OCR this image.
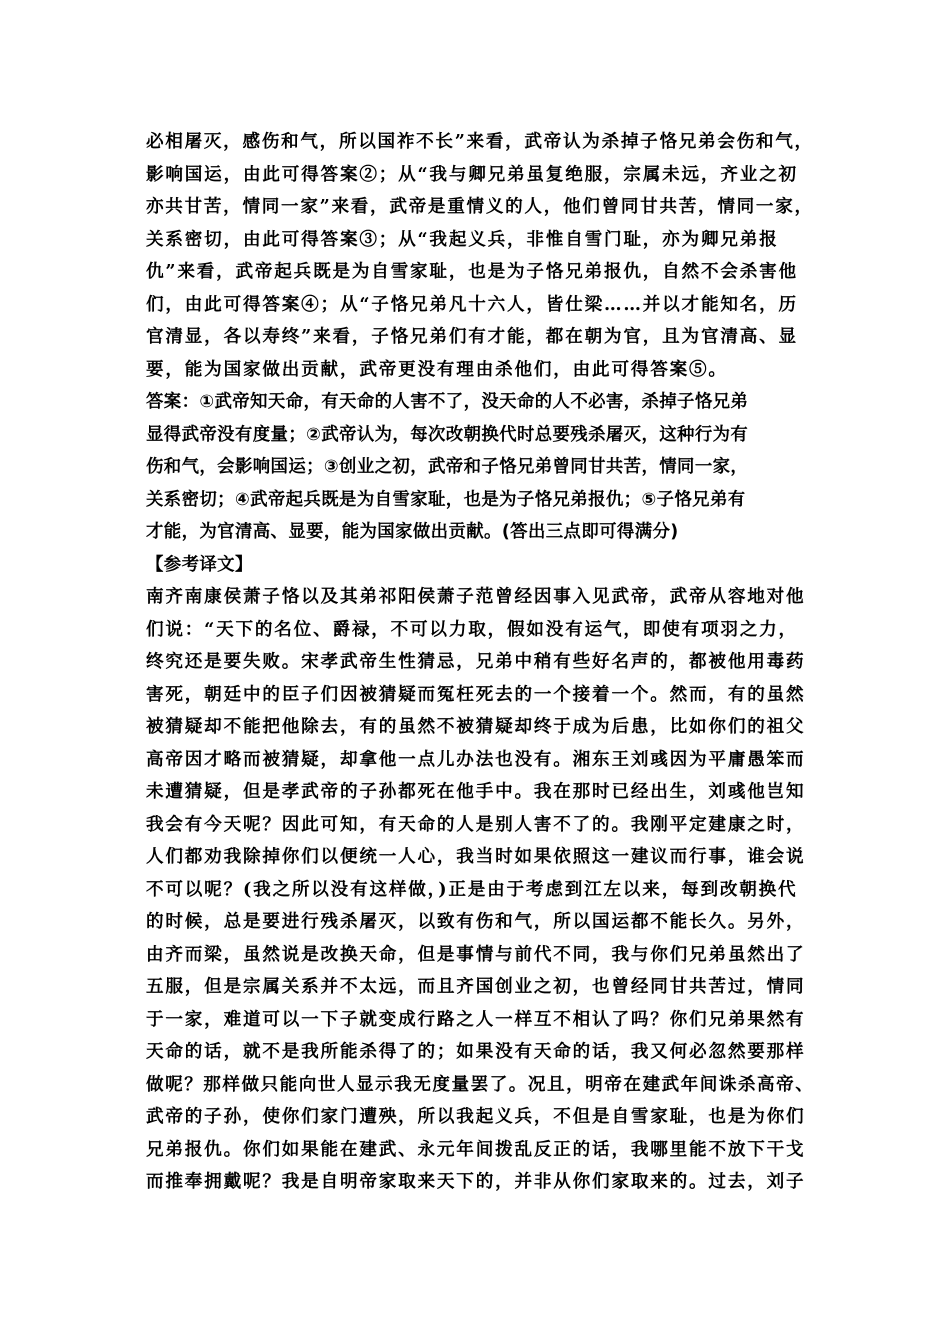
必相屠灭，感伤和气，所以国祚不长”来看，武帝认为杀掉子恪兄弟会伤和气，
影响国运，由此可得答案②；从“我与卿兄弟虽复绝服，宗属未远，齐业之初
亦共甘苦，情同一家”来看，武帝是重情义的人，他们曾同甘共苦，情同一家，
关系密切，由此可得答案③；从“我起义兵，非惟自雪门耻，亦为卿兄弟报
仇”来看，武帝起兵既是为自雪家耻，也是为子恪兄弟报仇，自然不会杀害他
们，由此可得答案④；从“子恪兄弟凡十六人，皆仕梁……并以才能知名，历
官清显，各以寿终”来看，子恪兄弟们有才能，都在朝为官，且为官清高、显
要，能为国家做出贡献，武帝更没有理由杀他们，由此可得答案⑤。
答案：①武帝知天命，有天命的人害不了，没天命的人不必害，杀掉子恪兄弟
显得武帝没有度量；②武帝认为，每次改朝换代时总要残杀屠灭，这种行为有
伤和气，会影响国运；③创业之初，武帝和子恪兄弟曾同甘共苦，情同一家，
关系密切；④武帝起兵既是为自雪家耻，也是为子恪兄弟报仇；⑤子恪兄弟有
才能，为官清高、显要，能为国家做出贡献。(答出三点即可得满分)
【参考译文】
南齐南康侯萧子恪以及其弟祁阳侯萧子范曾经因事入见武帝，武帝从容地对他
们说：“天下的名位、爵禄，不可以力取，假如没有运气，即使有项羽之力，
终究还是要失败。宋孝武帝生性猜忌，兄弟中稍有些好名声的，都被他用毒药
害死，朝廷中的臣子们因被猜疑而冤枉死去的一个接着一个。然而，有的虽然
被猜疑却不能把他除去，有的虽然不被猜疑却终于成为后患，比如你们的祖父
高帝因才略而被猜疑，却拿他一点儿办法也没有。湘东王刘彧因为平庸愚笨而
未遭猜疑，但是孝武帝的子孙都死在他手中。我在那时已经出生，刘彧他岂知
我会有今天呢？因此可知，有天命的人是别人害不了的。我刚平定建康之时，
人们都劝我除掉你们以便统一人心，我当时如果依照这一建议而行事，谁会说
不可以呢？(我之所以没有这样做，)正是由于考虑到江左以来，每到改朝换代
的时候，总是要进行残杀屠灭，以致有伤和气，所以国运都不能长久。另外，
由齐而梁，虽然说是改换天命，但是事情与前代不同，我与你们兄弟虽然出了
五服，但是宗属关系并不太远，而且齐国创业之初，也曾经同甘共苦过，情同
于一家，难道可以一下子就变成行路之人一样互不相认了吗？你们兄弟果然有
天命的话，就不是我所能杀得了的；如果没有天命的话，我又何必忽然要那样
做呢？那样做只能向世人显示我无度量罢了。况且，明帝在建武年间诛杀高帝、
武帝的子孙，使你们家门遭殃，所以我起义兵，不但是自雪家耻，也是为你们
兄弟报仇。你们如果能在建武、永元年间拨乱反正的话，我哪里能不放下干戈
而推奉拥戴呢？我是自明帝家取来天下的，并非从你们家取来的。过去，刘子
